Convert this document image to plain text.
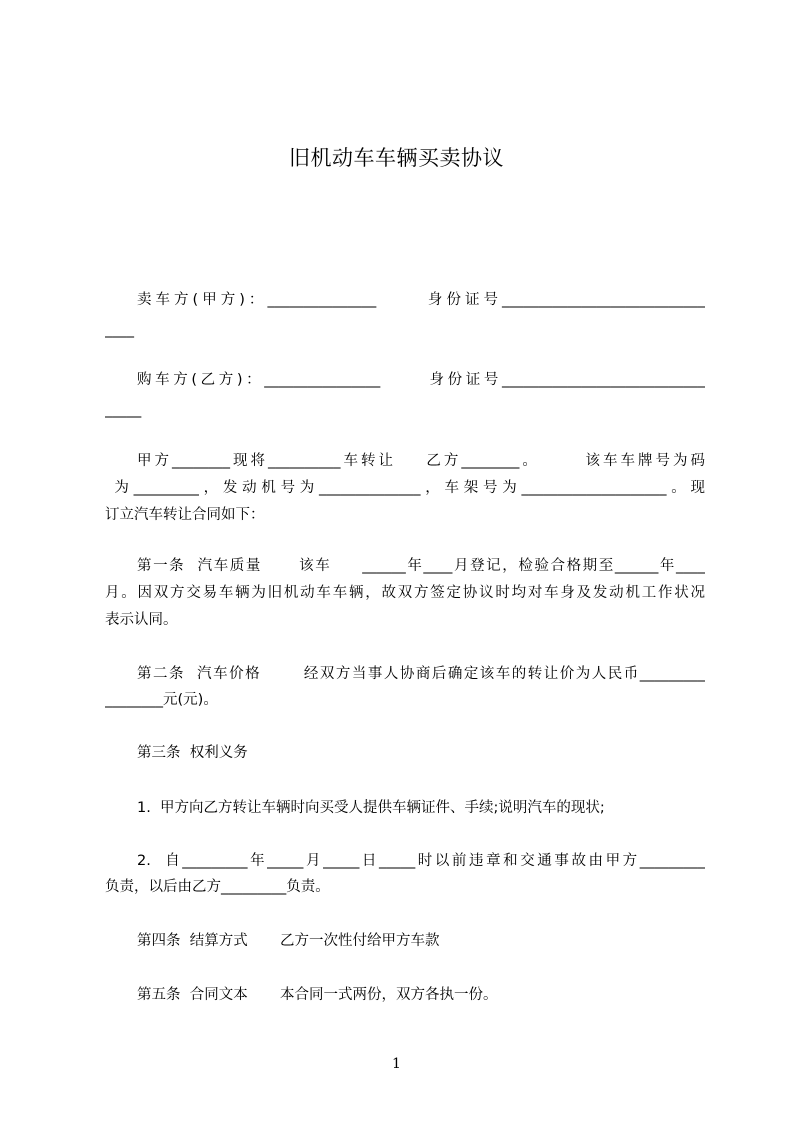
旧机动车车辆买卖协议
卖车方(甲方)：_______________      身份证号____________________________
____
购车方(乙方)：________________      身份证号____________________________
_____
甲方________现将__________车转让    乙方________。      该车车牌号为码
为_________，发动机号为______________，车架号为____________________。现
订立汽车转让合同如下：
第一条  汽车质量      该车     ______年____月登记，检验合格期至______年____
月。因双方交易车辆为旧机动车车辆，故双方签定协议时均对车身及发动机工作状况
表示认同。
第二条  汽车价格       经双方当事人协商后确定该车的转让价为人民币_________
________元(元)。
第三条  权利义务
1.  甲方向乙方转让车辆时向买受人提供车辆证件、手续;说明汽车的现状;
2.  自_________年_____月_____日_____时以前违章和交通事故由甲方_________
负责，以后由乙方_________负责。
第四条  结算方式       乙方一次性付给甲方车款
第五条  合同文本       本合同一式两份，双方各执一份。
1
